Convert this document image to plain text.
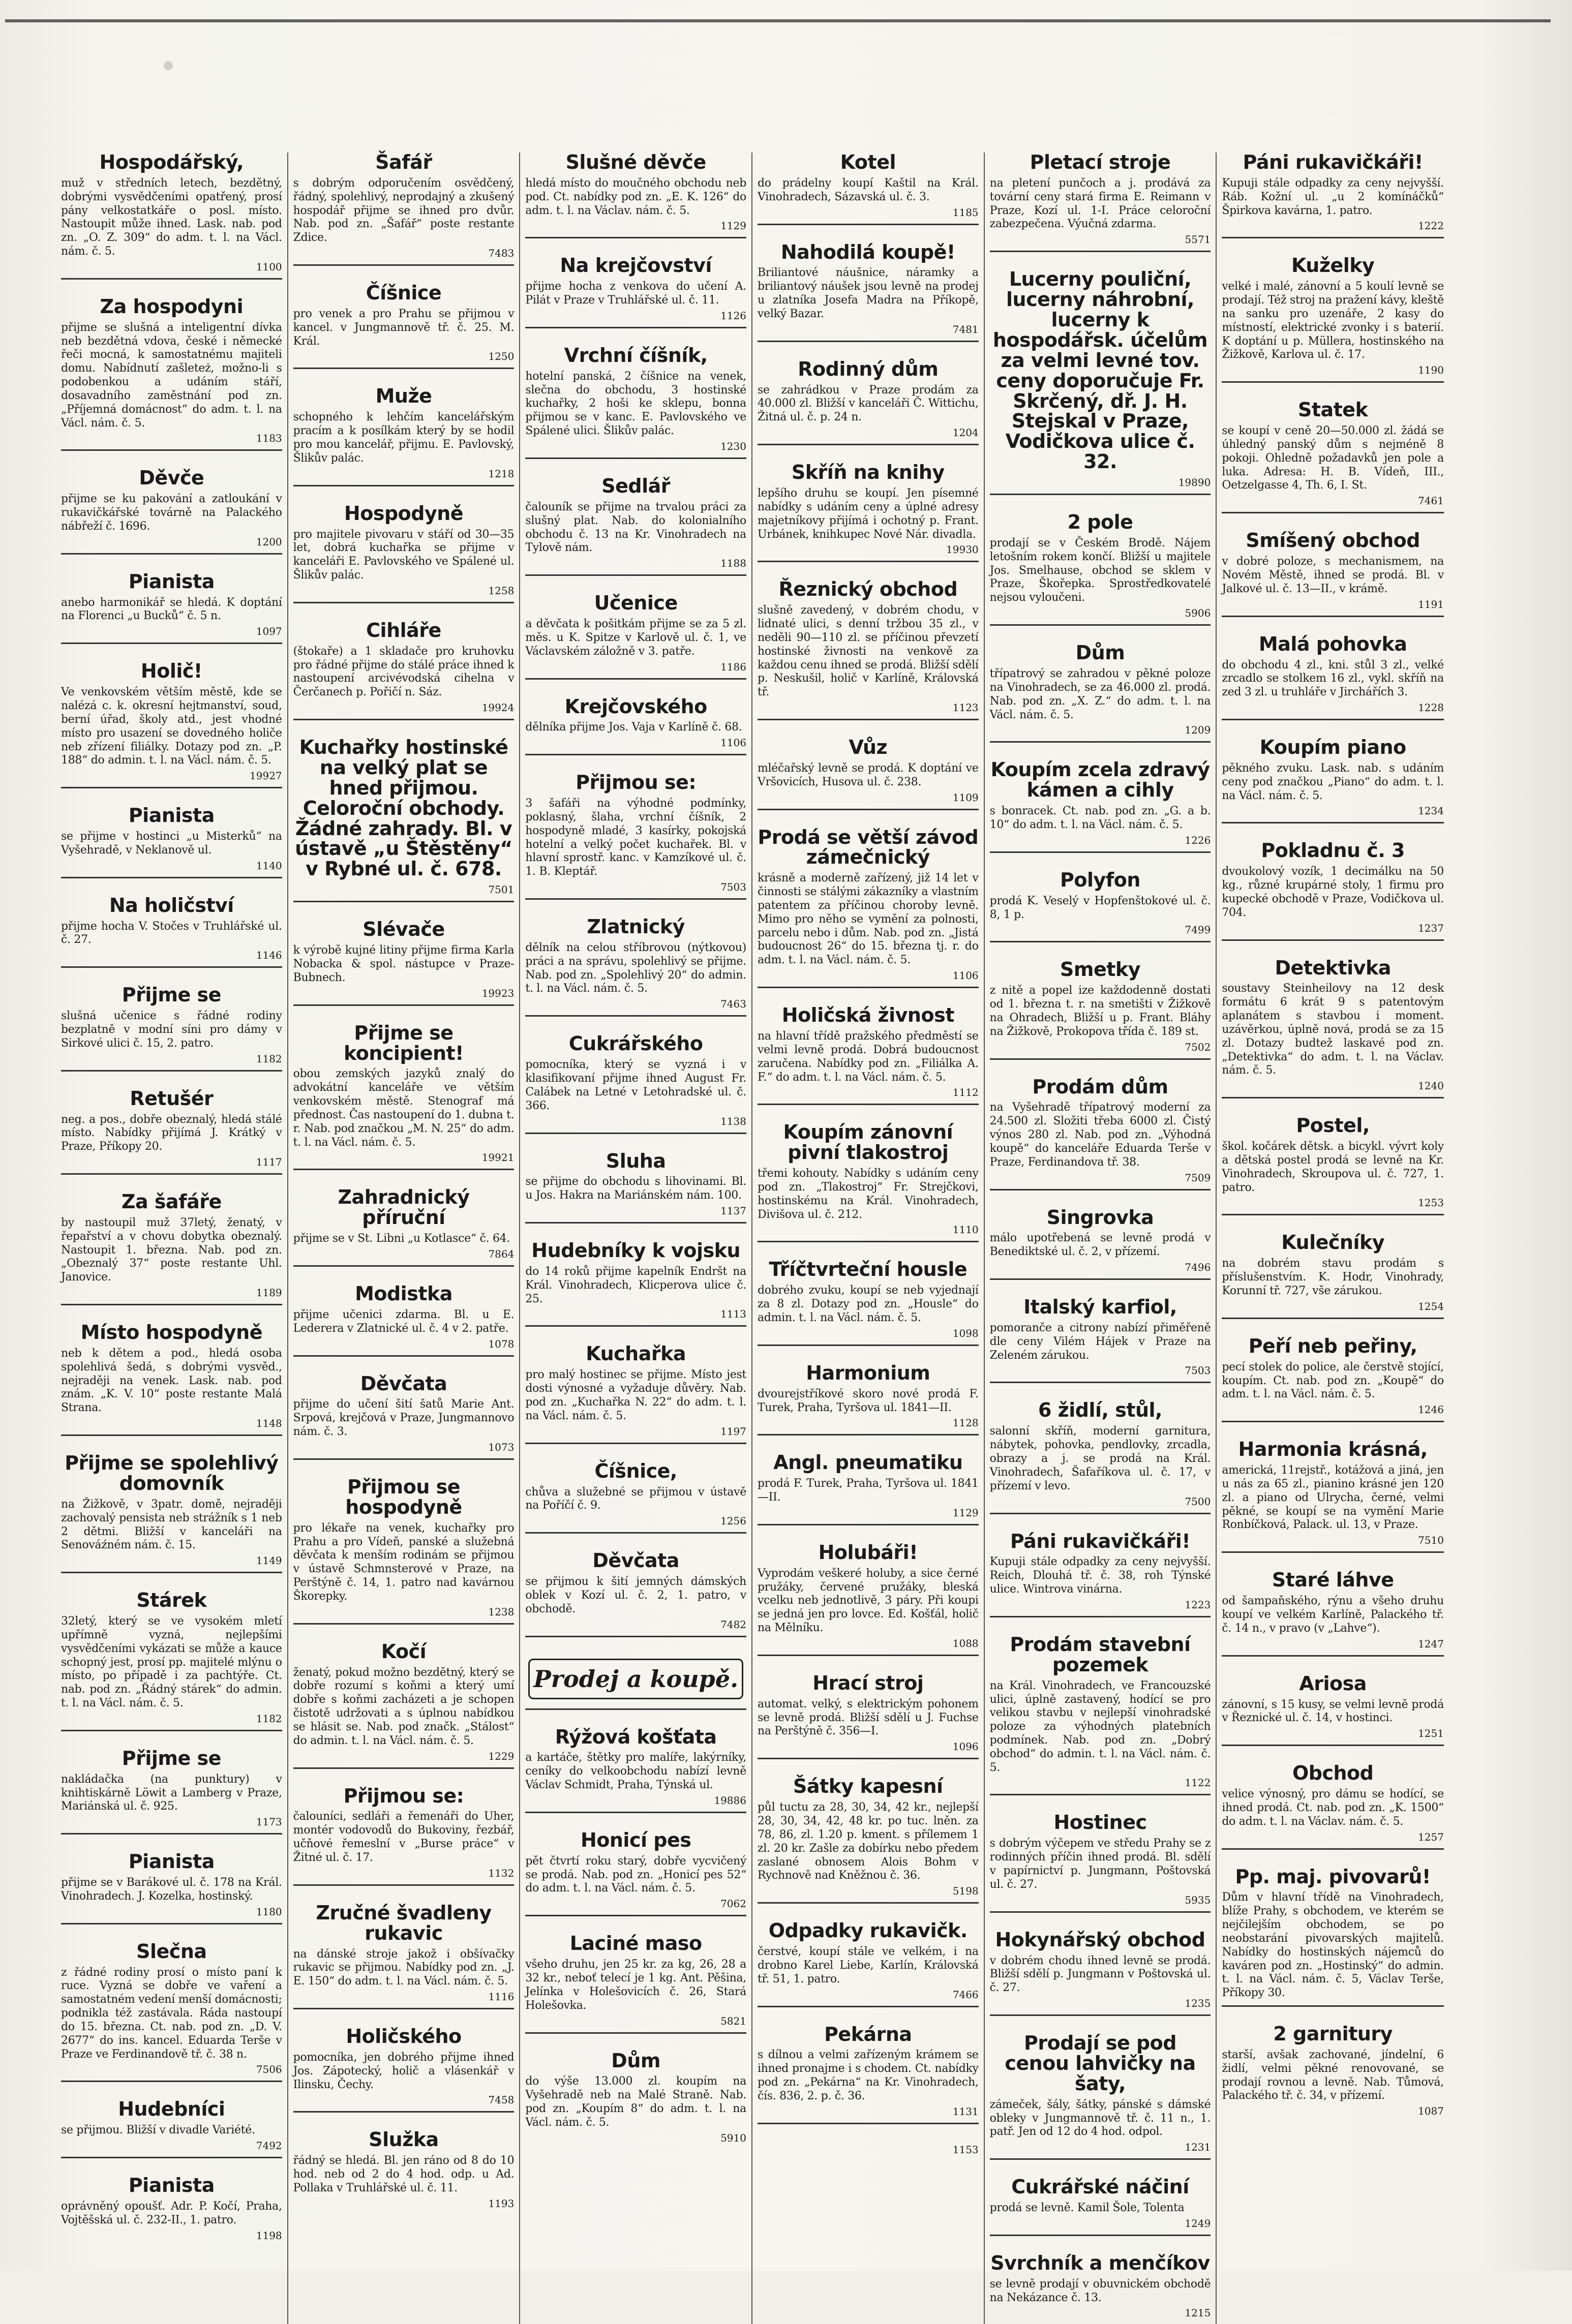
Hospodářský,
muž v středních letech, bezdětný, dobrými vysvědčeními opatřený, prosí pány velkostatkáře o posl. místo. Nastoupit může ihned. Lask. nab. pod zn. „O. Z. 309“ do adm. t. l. na Václ. nám. č. 5.
1100
Za hospodyni
přijme se slušná a inteligentní dívka neb bezdětná vdova, české i německé řeči mocná, k samostatnému majiteli domu. Nabídnutí zašleteż, možno-li s podobenkou a udáním stáří, dosavadního zaměstnání pod zn. „Příjemná domácnost“ do adm. t. l. na Václ. nám. č. 5.
1183
Děvče
přijme se ku pakování a zatloukání v rukavičkářské továrně na Palackého nábřeží č. 1696.
1200
Pianista
anebo harmonikář se hledá. K doptání na Florenci „u Bucků“ č. 5 n.
1097
Holič!
Ve venkovském větším městě, kde se nalézá c. k. okresní hejtmanství, soud, berní úřad, školy atd., jest vhodné místo pro usazení se dovedného holiče neb zřízení filiálky. Dotazy pod zn. „P. 188“ do admin. t. l. na Václ. nám. č. 5.
19927
Pianista
se přijme v hostinci „u Misterků“ na Vyšehradě, v Neklanově ul.
1140
Na holičství
přijme hocha V. Stočes v Truhlářské ul. č. 27.
1146
Přijme se
slušná učenice s řádné rodiny bezplatně v modní síni pro dámy v Sirkové ulici č. 15, 2. patro.
1182
Retušér
neg. a pos., dobře obeznalý, hledá stálé místo. Nabídky přijímá J. Krátký v Praze, Příkopy 20.
1117
Za šafáře
by nastoupil muž 37letý, ženatý, v řepařství a v chovu dobytka obeznalý. Nastoupit 1. března. Nab. pod zn. „Obeznalý 37“ poste restante Uhl. Janovice.
1189
Místo hospodyně
neb k dětem a pod., hledá osoba spolehlivá šedá, s dobrými vysvěd., nejraději na venek. Lask. nab. pod znám. „K. V. 10“ poste restante Malá Strana.
1148
Přijme se spolehlivý domovník
na Žižkově, v 3patr. domě, nejraději zachovalý pensista neb strážník s 1 neb 2 dětmi. Bližší v kanceláři na Senováźném nám. č. 15.
1149
Stárek
32letý, který se ve vysokém mletí upřímně vyzná, nejlepšími vysvědčeními vykázati se může a kauce schopný jest, prosí pp. majitelé mlýnu o místo, po případě i za pachtýře. Ct. nab. pod zn. „Řádný stárek“ do admin. t. l. na Václ. nám. č. 5.
1182
Přijme se
nakládačka (na punktury) v knihtiskárně Löwit a Lamberg v Praze, Mariánská ul. č. 925.
1173
Pianista
přijme se v Barákové ul. č. 178 na Král. Vinohradech. J. Kozelka, hostinský.
1180
Slečna
z řádné rodiny prosí o místo paní k ruce. Vyzná se dobře ve vaření a samostatném vedení menší domácnosti; podnikla též zastávala. Ráda nastoupí do 15. března. Ct. nab. pod zn. „D. V. 2677“ do ins. kancel. Eduarda Terše v Praze ve Ferdinandově tř. č. 38 n.
7506
Hudebníci
se přijmou. Bližší v divadle Variété.
7492
Pianista
oprávněný opoušť. Adr. P. Kočí, Praha, Vojtěšská ul. č. 232-II., 1. patro.
1198
Šafář
s dobrým odporučením osvědčený, řádný, spolehlivý, neprodajný a zkušený hospodář přijme se ihned pro dvůr. Nab. pod zn. „Šafář“ poste restante Zdice.
7483
Číšnice
pro venek a pro Prahu se přijmou v kancel. v Jungmannově tř. č. 25. M. Král.
1250
Muže
schopného k lehčím kancelářským pracím a k posílkám který by se hodil pro mou kancelář, přijmu. E. Pavlovský, Šlikův palác.
1218
Hospodyně
pro majitele pivovaru v stáří od 30—35 let, dobrá kuchařka se přijme v kanceláři E. Pavlovského ve Spálené ul. Šlikův palác.
1258
Cihláře
(štokaře) a 1 skladače pro kruhovku pro řádné přijme do stálé práce ihned k nastoupení arcivévodská cihelna v Čerčanech p. Pořičí n. Sáz.
19924
Kuchařky hostinské na velký plat se hned přijmou. Celoroční obchody. Žádné zahrady. Bl. v ústavě „u Štěstěny“ v Rybné ul. č. 678.
7501
Slévače
k výrobě kujné litiny přijme firma Karla Nobacka & spol. nástupce v Praze-Bubnech.
19923
Přijme se koncipient!
obou zemských jazyků znalý do advokátní kanceláře ve větším venkovském městě. Stenograf má přednost. Čas nastoupení do 1. dubna t. r. Nab. pod značkou „M. N. 25“ do adm. t. l. na Václ. nám. č. 5.
19921
Zahradnický příruční
přijme se v St. Libni „u Kotlasce“ č. 64.
7864
Modistka
přijme učenici zdarma. Bl. u E. Lederera v Zlatnické ul. č. 4 v 2. patře.
1078
Děvčata
přijme do učení šití šatů Marie Ant. Srpová, krejčová v Praze, Jungmannovo nám. č. 3.
1073
Přijmou se hospodyně
pro lékaře na venek, kuchařky pro Prahu a pro Vídeň, panské a služebná děvčata k menším rodinám se přijmou v ústavě Schmnsterové v Praze, na Perštýně č. 14, 1. patro nad kavárnou Škorepky.
1238
Kočí
ženatý, pokud možno bezdětný, který se dobře rozumí s koňmi a který umí dobře s koňmi zacházeti a je schopen čistotě udržovati a s úplnou nabídkou se hlásit se. Nab. pod značk. „Stálost“ do admin. t. l. na Václ. nám. č. 5.
1229
Přijmou se:
čalouníci, sedláři a řemenáři do Uher, montér vodovodů do Bukoviny, řezbář, učňové řemeslní v „Burse práce“ v Žitné ul. č. 17.
1132
Zručné švadleny rukavic
na dánské stroje jakož i obšívačky rukavic se přijmou. Nabídky pod zn. „J. E. 150“ do adm. t. l. na Václ. nám. č. 5.
1116
Holičského
pomocníka, jen dobrého přijme ihned Jos. Zápotecký, holič a vlásenkář v Ilinsku, Čechy.
7458
Služka
řádný se hledá. Bl. jen ráno od 8 do 10 hod. neb od 2 do 4 hod. odp. u Ad. Pollaka v Truhlářské ul. č. 11.
1193
Slušné děvče
hledá místo do moučného obchodu neb pod. Ct. nabídky pod zn. „E. K. 126“ do adm. t. l. na Václav. nám. č. 5.
1129
Na krejčovství
přijme hocha z venkova do učení A. Pilát v Praze v Truhlářské ul. č. 11.
1126
Vrchní číšník,
hotelní panská, 2 číšnice na venek, slečna do obchodu, 3 hostinské kuchařky, 2 hoši ke sklepu, bonna přijmou se v kanc. E. Pavlovského ve Spálené ulici. Šlikův palác.
1230
Sedlář
čalouník se přijme na trvalou práci za slušný plat. Nab. do kolonialního obchodu č. 13 na Kr. Vinohradech na Tylově nám.
1188
Učenice
a děvčata k pošitkám přijme se za 5 zl. měs. u K. Spitze v Karlově ul. č. 1, ve Václavském záložně v 3. patře.
1186
Krejčovského
dělníka přijme Jos. Vaja v Karlíně č. 68.
1106
Přijmou se:
3 šafáři na výhodné podmínky, poklasný, šlaha, vrchní číšník, 2 hospodyně mladé, 3 kasírky, pokojská hotelní a velký počet kuchařek. Bl. v hlavní sprostř. kanc. v Kamzíkové ul. č. 1. B. Kleptář.
7503
Zlatnický
dělník na celou stříbrovou (nýtkovou) práci a na správu, spolehlivý se přijme. Nab. pod zn. „Spolehlivý 20“ do admin. t. l. na Václ. nám. č. 5.
7463
Cukrářského
pomocníka, který se vyzná i v klasifikovaní přijme ihned August Fr. Calábek na Letné v Letohradské ul. č. 366.
1138
Sluha
se přijme do obchodu s lihovinami. Bl. u Jos. Hakra na Mariánském nám. 100.
1137
Hudebníky k vojsku
do 14 roků přijme kapelník Endršt na Král. Vinohradech, Klicperova ulice č. 25.
1113
Kuchařka
pro malý hostinec se přijme. Místo jest dosti výnosné a vyžaduje důvěry. Nab. pod zn. „Kuchařka N. 22“ do adm. t. l. na Václ. nám. č. 5.
1197
Číšnice,
chůva a služebné se přijmou v ústavě na Poříčí č. 9.
1256
Děvčata
se přijmou k šití jemných dámských oblek v Kozí ul. č. 2, 1. patro, v obchodě.
7482
Prodej a koupě.
Rýžová košťata
a kartáče, štětky pro malíře, lakýrníky, ceníky do velkoobchodu nabízí levně Václav Schmidt, Praha, Týnská ul.
19886
Honicí pes
pět čtvrtí roku starý, dobře vycvičený se prodá. Nab. pod zn. „Honicí pes 52“ do adm. t. l. na Václ. nám. č. 5.
7062
Laciné maso
všeho druhu, jen 25 kr. za kg, 26, 28 a 32 kr., neboť telecí je 1 kg. Ant. Pěšina, Jelínka v Holešovicích č. 26, Stará Holešovka.
5821
Dům
do výše 13.000 zl. koupím na Vyšehradě neb na Malé Straně. Nab. pod zn. „Koupím 8“ do adm. t. l. na Václ. nám. č. 5.
5910
Kotel
do prádelny koupí Kaštil na Král. Vinohradech, Sázavská ul. č. 3.
1185
Nahodilá koupě!
Briliantové náušnice, náramky a briliantový náušek jsou levně na prodej u zlatníka Josefa Madra na Příkopě, velký Bazar.
7481
Rodinný dům
se zahrádkou v Praze prodám za 40.000 zl. Bližší v kanceláři Č. Wittichu, Žitná ul. č. p. 24 n.
1204
Skříň na knihy
lepšího druhu se koupí. Jen písemné nabídky s udáním ceny a úplné adresy majetníkovy přijímá i ochotný p. Frant. Urbánek, knihkupec Nové Nár. divadla.
19930
Řeznický obchod
slušně zavedený, v dobrém chodu, v lidnaté ulici, s denní tržbou 35 zl., v neděli 90—110 zl. se příčinou převzetí hostinské živnosti na venkově za každou cenu ihned se prodá. Bližší sdělí p. Neskušil, holič v Karlíně, Královská tř.
1123
Vůz
mléčařský levně se prodá. K doptání ve Vršovicích, Husova ul. č. 238.
1109
Prodá se větší závod zámečnický
krásně a moderně zařízený, již 14 let v činnosti se stálými zákazníky a vlastním patentem za příčinou choroby levně. Mimo pro něho se vymění za polnosti, parcelu nebo i dům. Nab. pod zn. „Jistá budoucnost 26“ do 15. března tj. r. do adm. t. l. na Václ. nám. č. 5.
1106
Holičská živnost
na hlavní třídě pražského předměstí se velmi levně prodá. Dobrá budoucnost zaručena. Nabídky pod zn. „Filiálka A. F.“ do adm. t. l. na Václ. nám. č. 5.
1112
Koupím zánovní pivní tlakostroj
třemi kohouty. Nabídky s udáním ceny pod zn. „Tlakostroj“ Fr. Strejčkovi, hostinskému na Král. Vinohradech, Divišova ul. č. 212.
1110
Tříčtvrteční housle
dobrého zvuku, koupí se neb vyjednají za 8 zl. Dotazy pod zn. „Housle“ do admin. t. l. na Václ. nám. č. 5.
1098
Harmonium
dvourejstříkové skoro nové prodá F. Turek, Praha, Tyršova ul. 1841—II.
1128
Angl. pneumatiku
prodá F. Turek, Praha, Tyršova ul. 1841—II.
1129
Holubáři!
Vyprodám veškeré holuby, a sice černé pružáky, červené pružáky, bleská vcelku neb jednotlivě, 3 páry. Při koupi se jedná jen pro lovce. Ed. Košťál, holič na Mělníku.
1088
Hrací stroj
automat. velký, s elektrickým pohonem se levně prodá. Bližší sdělí u J. Fuchse na Perštýně č. 356—I.
1096
Šátky kapesní
půl tuctu za 28, 30, 34, 42 kr., nejlepší 28, 30, 34, 42, 48 kr. po tuc. lněn. za 78, 86, zl. 1.20 p. kment. s přílemem 1 zl. 20 kr. Zašle za dobírku nebo předem zaslané obnosem Alois Bohm v Rychnově nad Kněžnou č. 36.
5198
Odpadky rukavičk.
čerstvé, koupí stále ve velkém, i na drobno Karel Liebe, Karlín, Královská tř. 51, 1. patro.
7466
Pekárna
s dílnou a velmi zařízeným krámem se ihned pronajme i s chodem. Ct. nabídky pod zn. „Pekárna“ na Kr. Vinohradech, čís. 836, 2. p. č. 36.
1131
1153
Pletací stroje
na pletení punčoch a j. prodává za tovární ceny stará firma E. Reimann v Praze, Kozí ul. 1-I. Práce celoroční zabezpečena. Výučná zdarma.
5571
Lucerny pouliční, lucerny náhrobní, lucerny k hospodářsk. účelům za velmi levné tov. ceny doporučuje Fr. Skrčený, dř. J. H. Stejskal v Praze, Vodičkova ulice č. 32.
19890
2 pole
prodají se v Českém Brodě. Nájem letošním rokem končí. Bližší u majitele Jos. Smelhause, obchod se sklem v Praze, Škořepka. Sprostředkovatelé nejsou vyloučeni.
5906
Dům
třípatrový se zahradou v pěkné poloze na Vinohradech, se za 46.000 zl. prodá. Nab. pod zn. „X. Z.“ do adm. t. l. na Václ. nám. č. 5.
1209
Koupím zcela zdravý kámen a cihly
s bonracek. Ct. nab. pod zn. „G. a b. 10“ do adm. t. l. na Václ. nám. č. 5.
1226
Polyfon
prodá K. Veselý v Hopfenštokové ul. č. 8, 1 p.
7499
Smetky
z nitě a popel ize každodenně dostati od 1. března t. r. na smetišti v Žižkově na Ohradech, Bližší u p. Frant. Bláhy na Žižkově, Prokopova třída č. 189 st.
7502
Prodám dům
na Vyšehradě třípatrový moderní za 24.500 zl. Složiti třeba 6000 zl. Čistý výnos 280 zl. Nab. pod zn. „Výhodná koupě“ do kanceláře Eduarda Terše v Praze, Ferdinandova tř. 38.
7509
Singrovka
málo upotřebená se levně prodá v Benediktské ul. č. 2, v přízemí.
7496
Italský karfiol,
pomoranče a citrony nabízí přiměřeně dle ceny Vilém Hájek v Praze na Zeleném zárukou.
7503
6 židlí, stůl,
salonní skříň, moderní garnitura, nábytek, pohovka, pendlovky, zrcadla, obrazy a j. se prodá na Král. Vinohradech, Šafaříkova ul. č. 17, v přízemí v levo.
7500
Páni rukavičkáři!
Kupuji stále odpadky za ceny nejvyšší. Reich, Dlouhá tř. č. 38, roh Týnské ulice. Wintrova vinárna.
1223
Prodám stavební pozemek
na Král. Vinohradech, ve Francouzské ulici, úplně zastavený, hodící se pro velikou stavbu v nejlepší vinohradské poloze za výhodných platebních podmínek. Nab. pod zn. „Dobrý obchod“ do admin. t. l. na Václ. nám. č. 5.
1122
Hostinec
s dobrým výčepem ve středu Prahy se z rodinných příčin ihned prodá. Bl. sdělí v papírnictví p. Jungmann, Poštovská ul. č. 27.
5935
Hokynářský obchod
v dobrém chodu ihned levně se prodá. Bližší sdělí p. Jungmann v Poštovská ul. č. 27.
1235
Prodají se pod cenou lahvičky na šaty,
zámeček, šály, šátky, pánské s dámské obleky v Jungmannově tř. č. 11 n., 1. patř. Jen od 12 do 4 hod. odpol.
1231
Cukrářské náčiní
prodá se levně. Kamil Šole, Tolenta
1249
Svrchník a menčíkov
se levně prodají v obuvnickém obchodě na Nekázance č. 13.
1215
Páni rukavičkáři!
Kupuji stále odpadky za ceny nejvyšší. Ráb. Kožní ul. „u 2 komínáčků“ Špirkova kavárna, 1. patro.
1222
Kuželky
velké i malé, zánovní a 5 koulí levně se prodají. Též stroj na pražení kávy, kleště na sanku pro uzenáře, 2 kasy do místností, elektrické zvonky i s baterií. K doptání u p. Müllera, hostinského na Žižkově, Karlova ul. č. 17.
1190
Statek
se koupí v ceně 20—50.000 zl. žádá se úhledný panský dům s nejméně 8 pokoji. Ohledně požadavků jen pole a luka. Adresa: H. B. Vídeň, III., Oetzelgasse 4, Th. 6, I. St.
7461
Smíšený obchod
v dobré poloze, s mechanismem, na Novém Městě, ihned se prodá. Bl. v Jalkové ul. č. 13—II., v krámě.
1191
Malá pohovka
do obchodu 4 zl., kni. stůl 3 zl., velké zrcadlo se stolkem 16 zl., vykl. skříň na zed 3 zl. u truhláře v Jirchářích 3.
1228
Koupím piano
pěkného zvuku. Lask. nab. s udáním ceny pod značkou „Piano“ do adm. t. l. na Václ. nám. č. 5.
1234
Pokladnu č. 3
dvoukolový vozík, 1 decimálku na 50 kg., různé krupárné stoly, 1 firmu pro kupecké obchodě v Praze, Vodičkova ul. 704.
1237
Detektivka
soustavy Steinheilovy na 12 desk formátu 6 krát 9 s patentovým aplanátem s stavbou i moment. uzávěrkou, úplně nová, prodá se za 15 zl. Dotazy budtež laskavé pod zn. „Detektivka“ do adm. t. l. na Václav. nám. č. 5.
1240
Postel,
škol. kočárek dětsk. a bicykl. vývrt koly a dětská postel prodá se levně na Kr. Vinohradech, Skroupova ul. č. 727, 1. patro.
1253
Kulečníky
na dobrém stavu prodám s příslušenstvím. K. Hodr, Vinohrady, Korunní tř. 727, vše zárukou.
1254
Peří neb peřiny,
pecí stolek do police, ale čerstvě stojící, koupím. Ct. nab. pod zn. „Koupě“ do adm. t. l. na Václ. nám. č. 5.
1246
Harmonia krásná,
americká, 11rejstř., kotážová a jiná, jen u nás za 65 zl., pianino krásné jen 120 zl. a piano od Ulrycha, černé, velmi pěkné, se koupí se na vymění Marie Ronbíčková, Palack. ul. 13, v Praze.
7510
Staré láhve
od šampaňského, rýnu a všeho druhu koupí ve velkém Karlíně, Palackého tř. č. 14 n., v pravo (v „Lahve“).
1247
Ariosa
zánovní, s 15 kusy, se velmi levně prodá v Řeznické ul. č. 14, v hostinci.
1251
Obchod
velice výnosný, pro dámu se hodící, se ihned prodá. Ct. nab. pod zn. „K. 1500“ do adm. t. l. na Václav. nám. č. 5.
1257
Pp. maj. pivovarů!
Dům v hlavní třídě na Vinohradech, blíže Prahy, s obchodem, ve kterém se nejčilejším obchodem, se po neobstarání pivovarských majitelů. Nabídky do hostinských nájemců do kaváren pod zn. „Hostinský“ do admin. t. l. na Václ. nám. č. 5, Václav Terše, Příkopy 30.
2 garnitury
starší, avšak zachované, jíndelní, 6 židlí, velmi pěkné renovované, se prodají rovnou a levně. Nab. Tůmová, Palackého tř. č. 34, v přízemí.
1087
